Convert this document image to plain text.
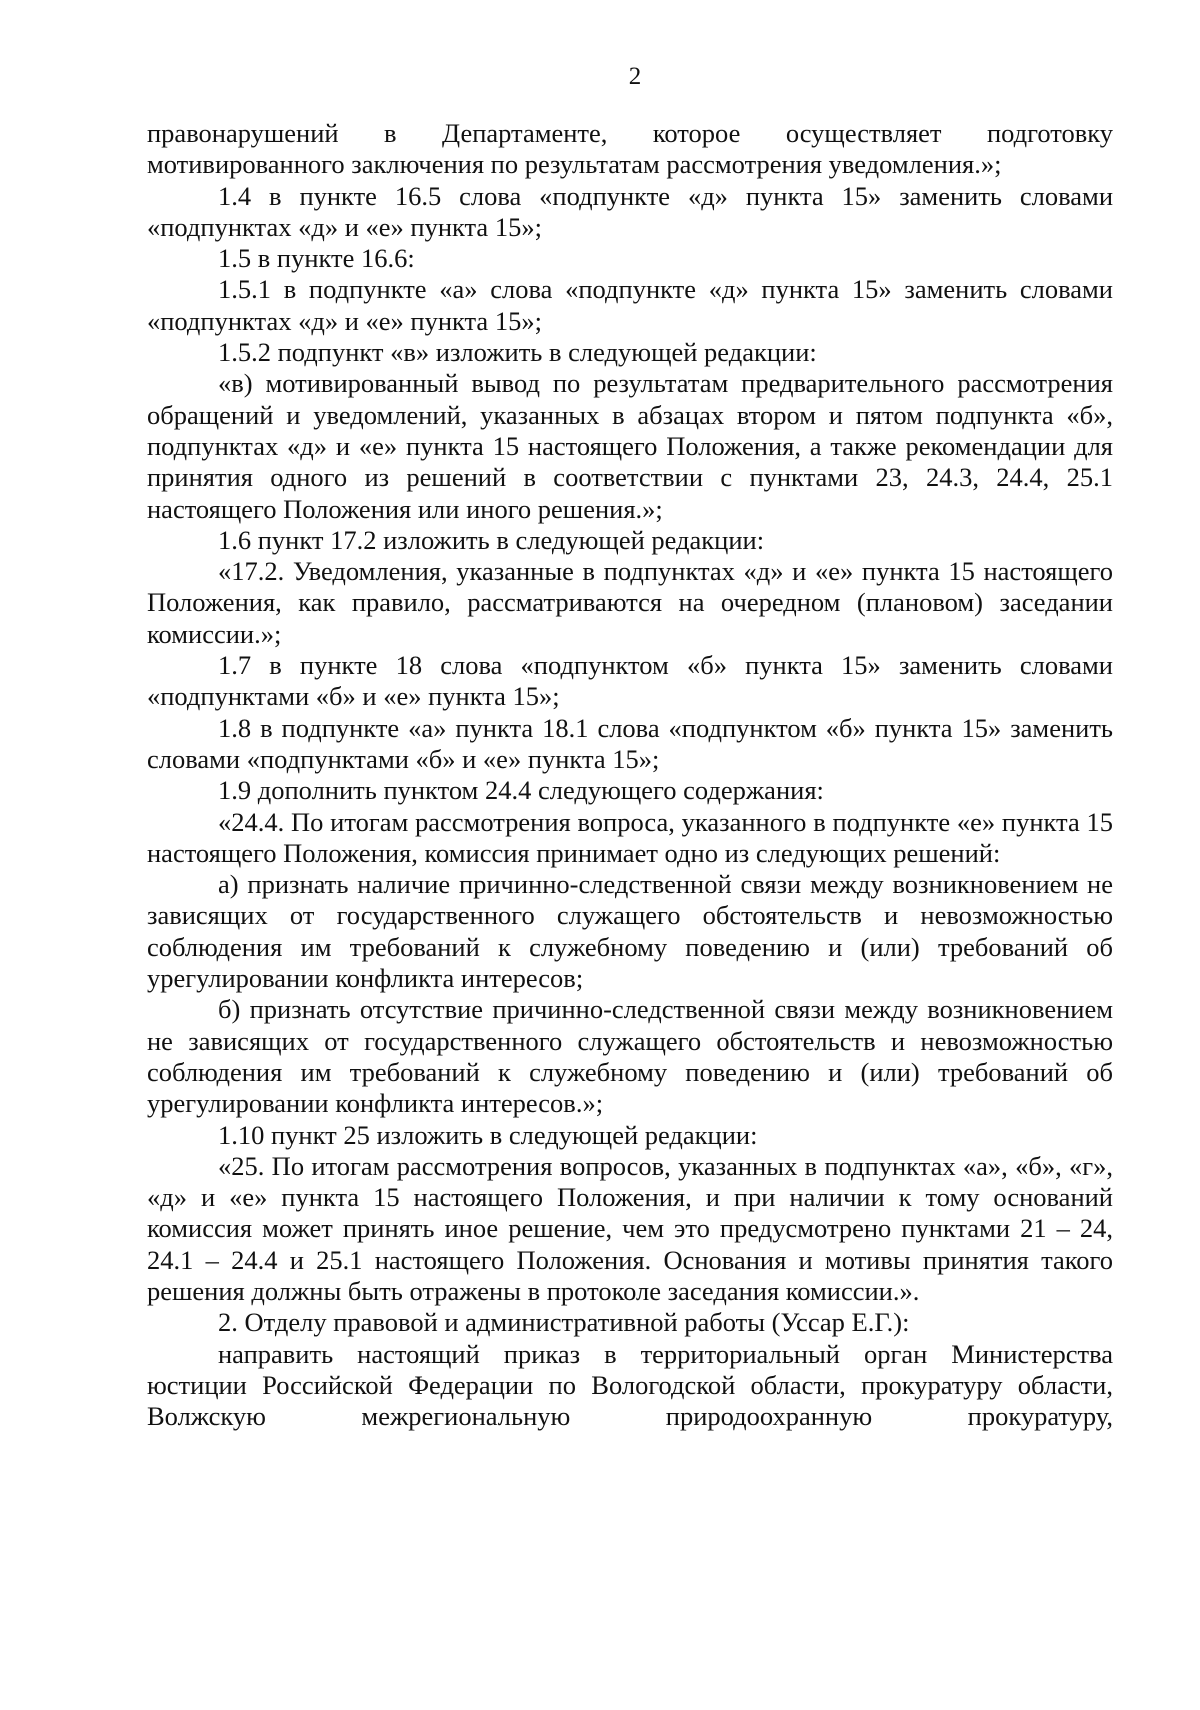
2

правонарушений в Департаменте, которое осуществляет подготовку мотивированного заключения по результатам рассмотрения уведомления.»;

1.4 в пункте 16.5 слова «подпункте «д» пункта 15» заменить словами «подпунктах «д» и «е» пункта 15»;

1.5 в пункте 16.6:

1.5.1 в подпункте «а» слова «подпункте «д» пункта 15» заменить словами «подпунктах «д» и «е» пункта 15»;

1.5.2 подпункт «в» изложить в следующей редакции:

«в) мотивированный вывод по результатам предварительного рассмотрения обращений и уведомлений, указанных в абзацах втором и пятом подпункта «б», подпунктах «д» и «е» пункта 15 настоящего Положения, а также рекомендации для принятия одного из решений в соответствии с пунктами 23, 24.3, 24.4, 25.1 настоящего Положения или иного решения.»;

1.6 пункт 17.2 изложить в следующей редакции:

«17.2. Уведомления, указанные в подпунктах «д» и «е» пункта 15 настоящего Положения, как правило, рассматриваются на очередном (плановом) заседании комиссии.»;

1.7 в пункте 18 слова «подпунктом «б» пункта 15» заменить словами «подпунктами «б» и «е» пункта 15»;

1.8 в подпункте «а» пункта 18.1 слова «подпунктом «б» пункта 15» заменить словами «подпунктами «б» и «е» пункта 15»;

1.9 дополнить пунктом 24.4 следующего содержания:

«24.4. По итогам рассмотрения вопроса, указанного в подпункте «е» пункта 15 настоящего Положения, комиссия принимает одно из следующих решений:

а) признать наличие причинно-следственной связи между возникновением не зависящих от государственного служащего обстоятельств и невозможностью соблюдения им требований к служебному поведению и (или) требований об урегулировании конфликта интересов;

б) признать отсутствие причинно-следственной связи между возникновением не зависящих от государственного служащего обстоятельств и невозможностью соблюдения им требований к служебному поведению и (или) требований об урегулировании конфликта интересов.»;

1.10 пункт 25 изложить в следующей редакции:

«25. По итогам рассмотрения вопросов, указанных в подпунктах «а», «б», «г», «д» и «е» пункта 15 настоящего Положения, и при наличии к тому оснований комиссия может принять иное решение, чем это предусмотрено пунктами 21 – 24, 24.1 – 24.4 и 25.1 настоящего Положения. Основания и мотивы принятия такого решения должны быть отражены в протоколе заседания комиссии.».

2. Отделу правовой и административной работы (Уссар Е.Г.):

направить настоящий приказ в территориальный орган Министерства юстиции Российской Федерации по Вологодской области, прокуратуру области, Волжскую межрегиональную природоохранную прокуратуру,
